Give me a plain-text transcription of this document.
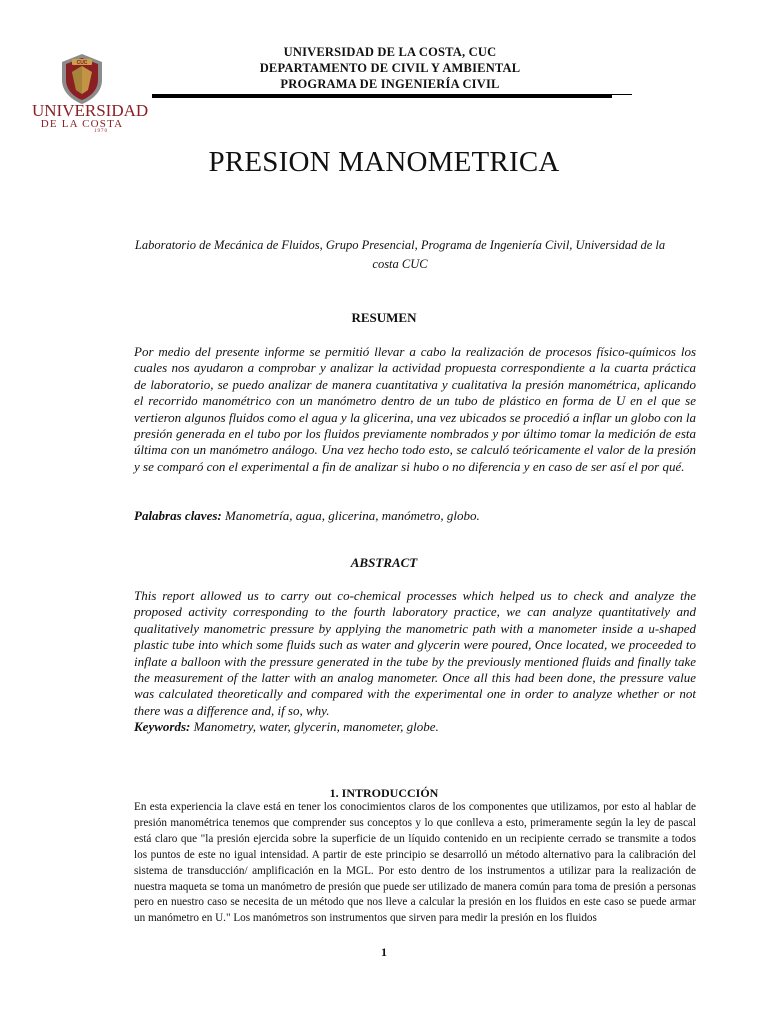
CUC
UNIVERSIDAD
DE LA COSTA
1970
UNIVERSIDAD DE LA COSTA, CUC
DEPARTAMENTO DE CIVIL Y AMBIENTAL
PROGRAMA DE INGENIERÍA CIVIL
PRESION MANOMETRICA
Laboratorio de Mecánica de Fluidos, Grupo Presencial, Programa de Ingeniería Civil, Universidad de la costa CUC
RESUMEN
Por medio del presente informe se permitió llevar a cabo la realización de procesos físico-químicos los cuales nos ayudaron a comprobar y analizar la actividad propuesta correspondiente a la cuarta práctica de laboratorio, se puedo analizar de manera cuantitativa y cualitativa la presión manométrica, aplicando el recorrido manométrico con un manómetro dentro de un tubo de plástico en forma de U en el que se vertieron algunos fluidos como el agua y la glicerina, una vez ubicados se procedió a inflar un globo con la presión generada en el tubo por los fluidos previamente nombrados y por último tomar la medición de esta última con un manómetro análogo. Una vez hecho todo esto, se calculó teóricamente el valor de la presión y se comparó con el experimental a fin de analizar si hubo o no diferencia y en caso de ser así el por qué.
Palabras claves: Manometría, agua, glicerina, manómetro, globo.
ABSTRACT
This report allowed us to carry out co-chemical processes which helped us to check and analyze the proposed activity corresponding to the fourth laboratory practice, we can analyze quantitatively and qualitatively manometric pressure by applying the manometric path with a manometer inside a u-shaped plastic tube into which some fluids such as water and glycerin were poured, Once located, we proceeded to inflate a balloon with the pressure generated in the tube by the previously mentioned fluids and finally take the measurement of the latter with an analog manometer. Once all this had been done, the pressure value was calculated theoretically and compared with the experimental one in order to analyze whether or not there was a difference and, if so, why.
Keywords: Manometry, water, glycerin, manometer, globe.
1. INTRODUCCIÓN
En esta experiencia la clave está en tener los conocimientos claros de los componentes que utilizamos, por esto al hablar de presión manométrica tenemos que comprender sus conceptos y lo que conlleva a esto, primeramente según la ley de pascal está claro que "la presión ejercida sobre la superficie de un líquido contenido en un recipiente cerrado se transmite a todos los puntos de este no igual intensidad. A partir de este principio se desarrolló un método alternativo para la calibración del sistema de transducción/ amplificación en la MGL. Por esto dentro de los instrumentos a utilizar para la realización de nuestra maqueta se toma un manómetro de presión que puede ser utilizado de manera común para toma de presión a personas pero en nuestro caso se necesita de un método que nos lleve a calcular la presión en los fluidos en este caso se puede armar un manómetro en U." Los manómetros son instrumentos que sirven para medir la presión en los fluidos
1
